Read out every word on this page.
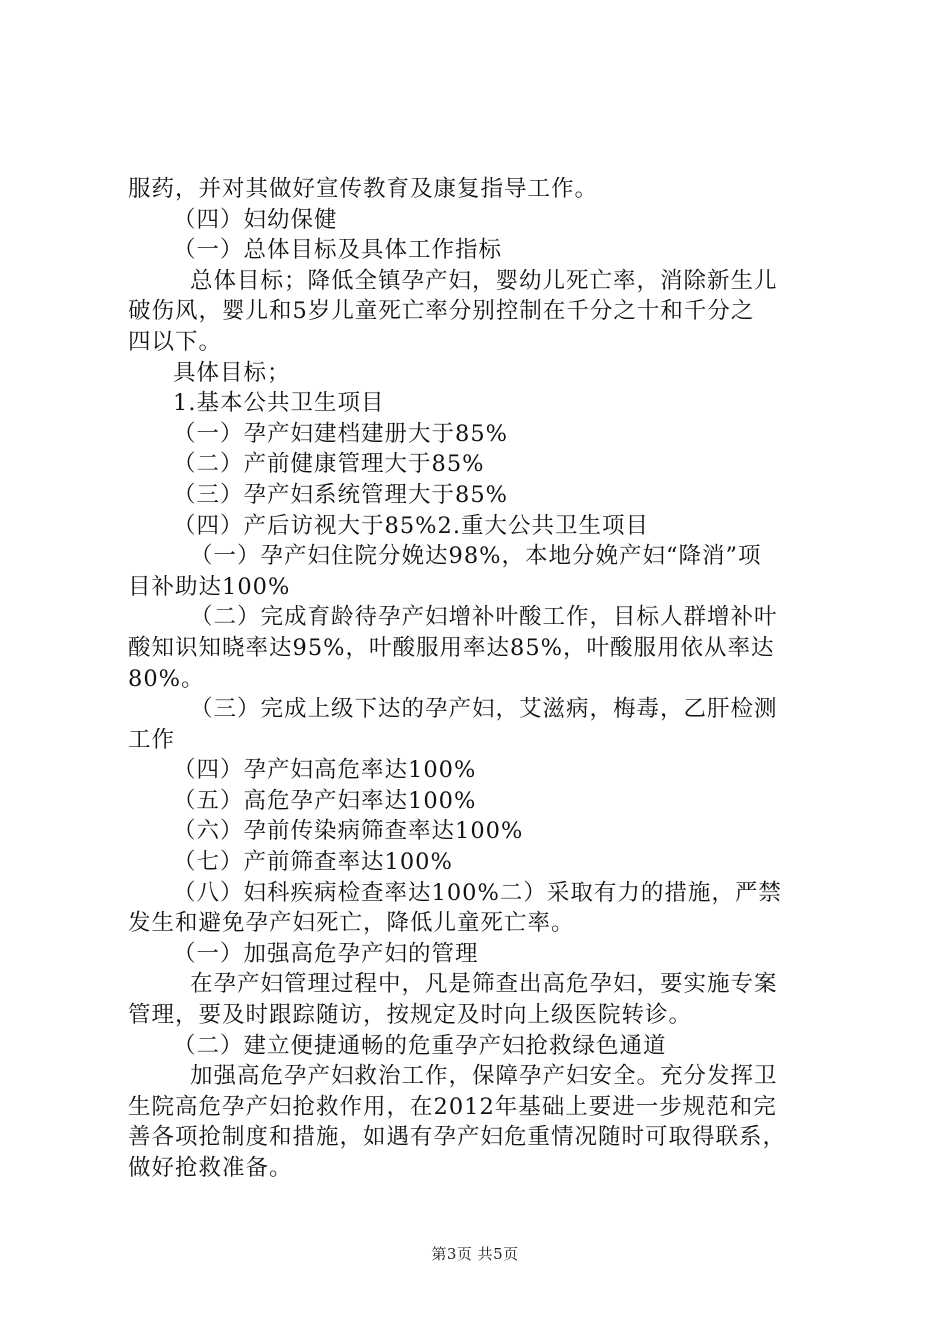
服药，并对其做好宣传教育及康复指导工作。
（四）妇幼保健
（一）总体目标及具体工作指标
总体目标；降低全镇孕产妇，婴幼儿死亡率，消除新生儿
破伤风，婴儿和5岁儿童死亡率分别控制在千分之十和千分之
四以下。
具体目标；
1.基本公共卫生项目
（一）孕产妇建档建册大于85%
（二）产前健康管理大于85%
（三）孕产妇系统管理大于85%
（四）产后访视大于85%2.重大公共卫生项目
（一）孕产妇住院分娩达98%，本地分娩产妇“降消”项
目补助达100%
（二）完成育龄待孕产妇增补叶酸工作，目标人群增补叶
酸知识知晓率达95%，叶酸服用率达85%，叶酸服用依从率达
80%。
（三）完成上级下达的孕产妇，艾滋病，梅毒，乙肝检测
工作
（四）孕产妇高危率达100%
（五）高危孕产妇率达100%
（六）孕前传染病筛查率达100%
（七）产前筛查率达100%
（八）妇科疾病检查率达100%二）采取有力的措施，严禁
发生和避免孕产妇死亡，降低儿童死亡率。
（一）加强高危孕产妇的管理
在孕产妇管理过程中，凡是筛查出高危孕妇，要实施专案
管理，要及时跟踪随访，按规定及时向上级医院转诊。
（二）建立便捷通畅的危重孕产妇抢救绿色通道
加强高危孕产妇救治工作，保障孕产妇安全。充分发挥卫
生院高危孕产妇抢救作用，在2012年基础上要进一步规范和完
善各项抢制度和措施，如遇有孕产妇危重情况随时可取得联系，
做好抢救准备。
第3页 共5页
